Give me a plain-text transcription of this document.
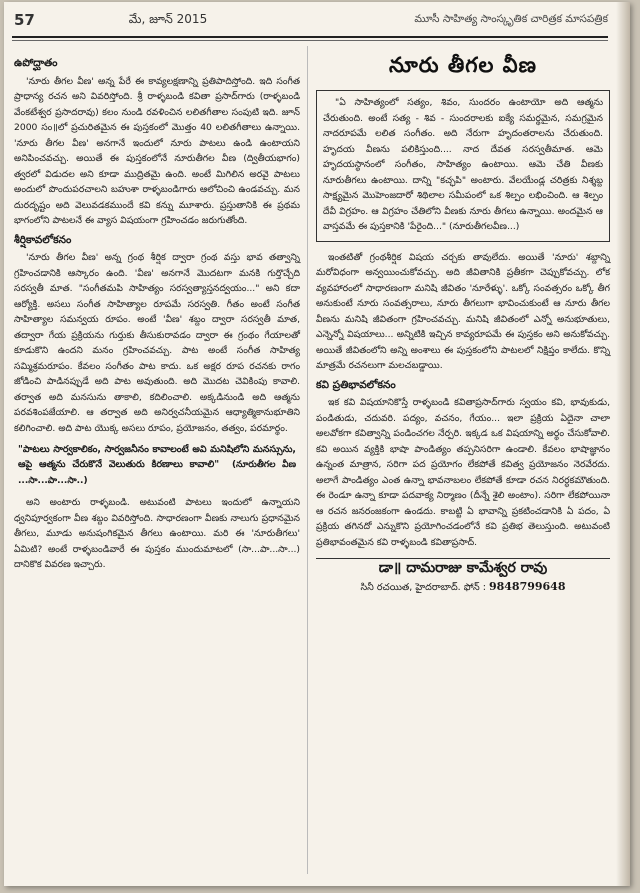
57	మే, జూన్ 2015	మూసీ సాహిత్య సాంస్కృతిక చారిత్రక మాసపత్రిక
ఉపోద్ఘాతం

'నూరు తీగల వీణ' అన్న పేరే ఈ కావ్యలక్షణాన్ని ప్రతిపాదిస్తోంది. ఇది సంగీత ప్రాధాన్య రచన అని వివరిస్తోంది. శ్రీ రాళ్ళబండి కవితా ప్రసాద్‌గారు (రాళ్ళబండి వేంకటేశ్వర ప్రసాదరావు) కలం నుండి రవళించిన లలితగీతాల సంపుటి ఇది. జూన్ 2000 సం॥లో ప్రచురితమైన ఈ పుస్తకంలో మొత్తం 40 లలితగీతాలు ఉన్నాయి. 'నూరు తీగల వీణ' అనగానే ఇందులో నూరు పాటలు ఉండి ఉంటాయని అనిపించవచ్చు. అయితే ఈ పుస్తకంలోనే నూరుతీగల వీణ (ద్వితీయభాగం) త్వరలో విడుదల అని కూడా ముద్రితమై ఉంది. అంటే మిగిలిన అరవై పాటలు అందులో పొందుపరచాలని బహుశా రాళ్ళబండిగారు ఆలోచించి ఉండవచ్చు. మన దురదృష్టం అది వెలువడకముందే కవి కన్ను మూశారు. ప్రస్తుతానికి ఈ ప్రథమ భాగంలోని పాటలనే ఈ వ్యాస విషయంగా గ్రహించడం జరుగుతోంది.

శీర్షికావలోకనం

'నూరు తీగల వీణ' అన్న గ్రంథ శీర్షిక ద్వారా గ్రంథ వస్తు భావ తత్వాన్ని గ్రహించడానికి ఆస్కారం ఉంది. 'వీణ' అనగానే మొదటగా మనకి గుర్తొచ్చేది సరస్వతీ మాత. "సంగీతమపి సాహిత్యం సరస్వత్యాస్తనద్వయం..." అని కదా ఆర్యోక్తి. అసలు సంగీత సాహిత్యాల రూపమే సరస్వతి. గీతం అంటే సంగీత సాహిత్యాల సమన్వయ రూపం. అంటే 'వీణ' శబ్దం ద్వారా సరస్వతీ మాత, తద్వారా గేయ ప్రక్రియను గుర్తుకు తీసుకురావడం ద్వారా ఈ గ్రంథం గేయాలతో కూడుకొని ఉందని మనం గ్రహించవచ్చు. పాట అంటే సంగీత సాహిత్య సమ్మిశ్రమరూపం. కేవలం సంగీతం పాట కాదు. ఒక అక్షర రూప రచనకు రాగం జోడించి పాడినప్పుడే అది పాట అవుతుంది. అది మొదట చెవికింపు కావాలి. తర్వాత అది మనసును తాకాలి, కదిలించాలి. అక్కడినుండి అది ఆత్మను పరవశింపజేయాలి. ఆ తర్వాత అది అనిర్వచనీయమైన ఆధ్యాత్మికానుభూతిని కలిగించాలి. అది పాట యొక్క అసలు రూపం, ప్రయోజనం, తత్వం, పరమార్థం.

"పాటలు సార్వకాలికం, సార్వజనీనం కావాలంటే అవి మనిషిలోని మనస్సును, ఆపై ఆత్మను చేరుకొనే వెలుతురు కిరణాలు కావాలి" (నూరుతీగల వీణ ...సా...పా...సా..)

అని అంటారు రాళ్ళబండి. అటువంటి పాటలు ఇందులో ఉన్నాయని ధ్వనిపూర్వకంగా వీణ శబ్దం వివరిస్తోంది. సాధారణంగా వీణకు నాలుగు ప్రధానమైన తీగలు, మూడు అనుషంగికమైన తీగలు ఉంటాయి. మరి ఈ 'నూరుతీగలు' ఏమిటి? అంటే రాళ్ళబండివారే ఈ పుస్తకం ముందుమాటలో (సా...పా...సా...) దానికొక వివరణ ఇచ్చారు.

నూరు తీగల వీణ

"ఏ సాహిత్యంలో సత్యం, శివం, సుందరం ఉంటాయో అది ఆత్మను చేరుతుంది. అంటే సత్య - శివ - సుందరాలకు ఐక్యే సమర్థమైన, సమగ్రమైన నాదరూపమే లలిత సంగీతం. అది నేరుగా హృదంతరాలను చేరుతుంది. హృదయ వీణను పలికిస్తుంది.... నాద దేవత సరస్వతీమాత. ఆమె హృదయస్థానంలో సంగీతం, సాహిత్యం ఉంటాయి. ఆమె చేతి వీణకు నూరుతీగలు ఉంటాయి. దాన్ని "కచ్ఛపి" అంటారు. వేలయేండ్ల చరిత్రకు నిశ్శబ్ద సాక్ష్యమైన మొహెంజదారో శిథిలాల సమీపంలో ఒక శిల్పం లభించింది. ఆ శిల్పం దేవీ విగ్రహం. ఆ విగ్రహం చేతిలోని వీణకు నూరు తీగలు ఉన్నాయి. అందమైన ఆ వాస్తవమే ఈ పుస్తకానికి 'పేరైంది..." (నూరుతీగలవీణ...)

ఇంతటితో గ్రంథశీర్షిక విషయ చర్చకు తావులేదు. అయితే 'నూరు' శబ్దాన్ని మరోవిధంగా అన్వయించుకోవచ్చు. అది జీవితానికి ప్రతీకగా చెప్పుకోవచ్చు. లోక వ్యవహారంలో సాధారణంగా మనిషి జీవితం 'నూరేళ్ళు'. ఒక్కో సంవత్సరం ఒక్కో తీగ అనుకుంటే నూరు సంవత్సరాలు, నూరు తీగలుగా భావించుకుంటే ఆ నూరు తీగల వీణను మనిషి జీవితంగా గ్రహించవచ్చు. మనిషి జీవితంలో ఎన్నో అనుభూతులు, ఎన్నెన్నో విషయాలు... అన్నిటికి ఇచ్చిన కావ్యరూపమే ఈ పుస్తకం అని అనుకోవచ్చు. అయితే జీవితంలోని అన్ని అంశాలు ఈ పుస్తకంలోని పాటలలో నిక్షిప్తం కాలేదు. కొన్ని మాత్రమే రచనలుగా మలచబడ్డాయి.

కవి ప్రతిభావలోకనం

ఇక కవి విషయానికొస్తే రాళ్ళబండి కవితాప్రసాద్‌గారు స్వయం కవి, భావుకుడు, పండితుడు, చదువరి. పద్యం, వచనం, గేయం... ఇలా ప్రక్రియ ఏదైనా చాలా అలవోకగా కవిత్వాన్ని పండించగల నేర్పరి. ఇక్కడ ఒక విషయాన్ని అర్థం చేసుకోవాలి. కవి అయిన వ్యక్తికి భాషా పాండిత్యం తప్పనిసరిగా ఉండాలి. కేవలం భాషాజ్ఞానం ఉన్నంత మాత్రాన, సరిగా పద ప్రయోగం లేకపోతే కవిత్వ ప్రయోజనం నెరవేరదు. అలాగే పాండిత్యం ఎంత ఉన్నా భావనాబలం లేకపోతే కూడా రచన నిరర్ధకమౌతుంది. ఈ రెండూ ఉన్నా కూడా పదవాక్య నిర్మాణం (దీన్నే శైలి అంటాం). సరిగా లేకపోయినా ఆ రచన జనరంజకంగా ఉండదు. కాబట్టి ఏ భావాన్ని ప్రకటించడానికి ఏ పదం, ఏ ప్రక్రియ తగినదో ఎన్నుకొని ప్రయోగించడంలోనే కవి ప్రతిభ తెలుస్తుంది. అటువంటి ప్రతిభావంతమైన కవి రాళ్ళబండి కవితాప్రసాద్.

డా॥ దామరాజు కామేశ్వర రావు
సినీ రచయిత, హైదరాబాద్. ఫోన్ : 9848799648
